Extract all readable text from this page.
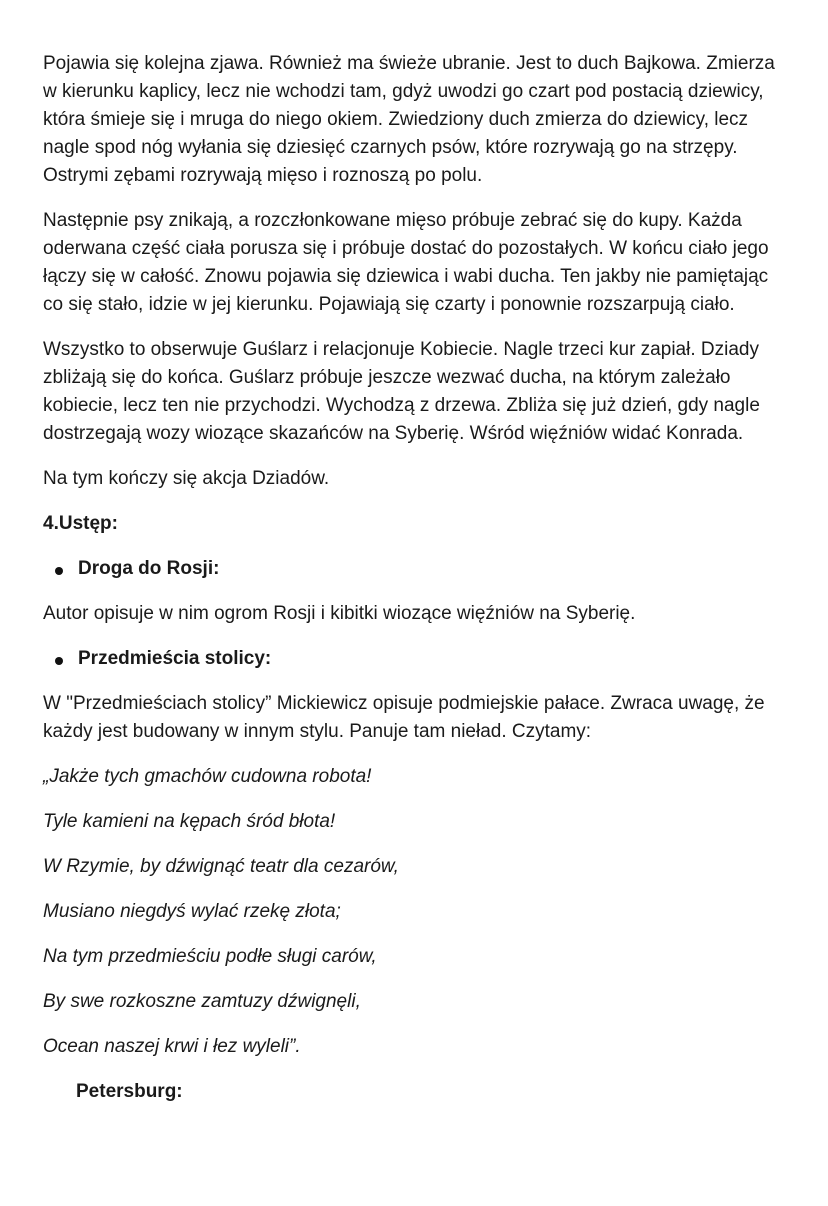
Pojawia się kolejna zjawa. Również ma świeże ubranie. Jest to duch Bajkowa. Zmierza w kierunku kaplicy, lecz nie wchodzi tam, gdyż uwodzi go czart pod postacią dziewicy, która śmieje się i mruga do niego okiem. Zwiedziony duch zmierza do dziewicy, lecz nagle spod nóg wyłania się dziesięć czarnych psów, które rozrywają go na strzępy. Ostrymi zębami rozrywają mięso i roznoszą po polu.

Następnie psy znikają, a rozczłonkowane mięso próbuje zebrać się do kupy. Każda oderwana część ciała porusza się i próbuje dostać do pozostałych. W końcu ciało jego łączy się w całość. Znowu pojawia się dziewica i wabi ducha. Ten jakby nie pamiętając co się stało, idzie w jej kierunku. Pojawiają się czarty i ponownie rozszarpują ciało.

Wszystko to obserwuje Guślarz i relacjonuje Kobiecie. Nagle trzeci kur zapiał. Dziady zbliżają się do końca. Guślarz próbuje jeszcze wezwać ducha, na którym zależało kobiecie, lecz ten nie przychodzi. Wychodzą z drzewa. Zbliża się już dzień, gdy nagle dostrzegają wozy wiozące skazańców na Syberię. Wśród więźniów widać Konrada.

Na tym kończy się akcja Dziadów.

4.Ustęp:
Droga do Rosji:

Autor opisuje w nim ogrom Rosji i kibitki wiozące więźniów na Syberię.

Przedmieścia stolicy:

W "Przedmieściach stolicy” Mickiewicz opisuje podmiejskie pałace. Zwraca uwagę, że każdy jest budowany w innym stylu. Panuje tam nieład. Czytamy:

„Jakże tych gmachów cudowna robota!

Tyle kamieni na kępach śród błota!

W Rzymie, by dźwignąć teatr dla cezarów,

Musiano niegdyś wylać rzekę złota;

Na tym przedmieściu podłe sługi carów,

By swe rozkoszne zamtuzy dźwignęli,

Ocean naszej krwi i łez wyleli”.

Petersburg:
